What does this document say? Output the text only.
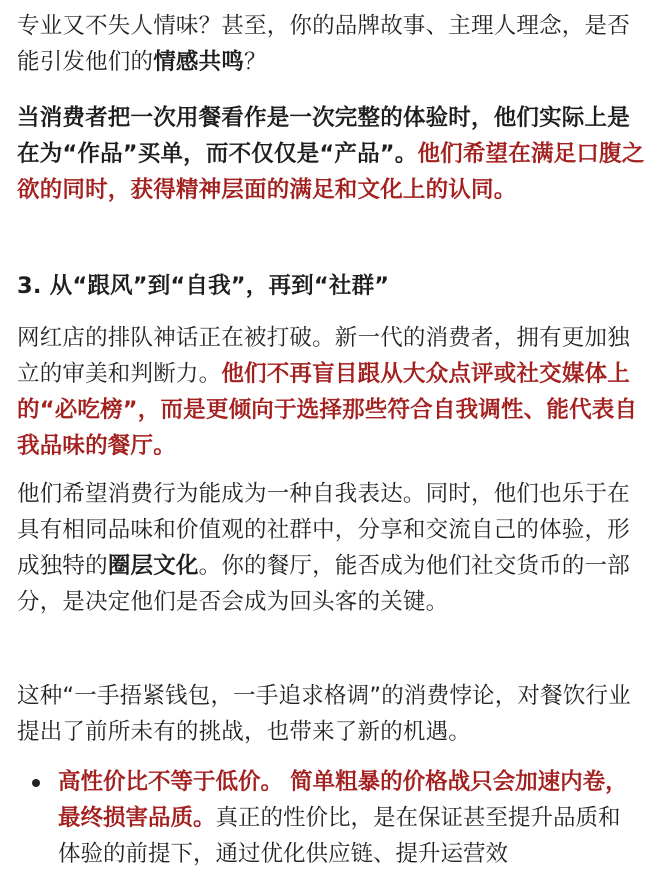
专业又不失人情味？甚至，你的品牌故事、主理人理念，是否能引发他们的情感共鸣？

当消费者把一次用餐看作是一次完整的体验时，他们实际上是在为“作品”买单，而不仅仅是“产品”。他们希望在满足口腹之欲的同时，获得精神层面的满足和文化上的认同。

3. 从“跟风”到“自我”，再到“社群”

网红店的排队神话正在被打破。新一代的消费者，拥有更加独立的审美和判断力。他们不再盲目跟从大众点评或社交媒体上的“必吃榜”，而是更倾向于选择那些符合自我调性、能代表自我品味的餐厅。

他们希望消费行为能成为一种自我表达。同时，他们也乐于在具有相同品味和价值观的社群中，分享和交流自己的体验，形成独特的圈层文化。你的餐厅，能否成为他们社交货币的一部分，是决定他们是否会成为回头客的关键。

这种“一手捂紧钱包，一手追求格调”的消费悖论，对餐饮行业提出了前所未有的挑战，也带来了新的机遇。

高性价比不等于低价。 简单粗暴的价格战只会加速内卷，最终损害品质。真正的性价比，是在保证甚至提升品质和体验的前提下，通过优化供应链、提升运营效
